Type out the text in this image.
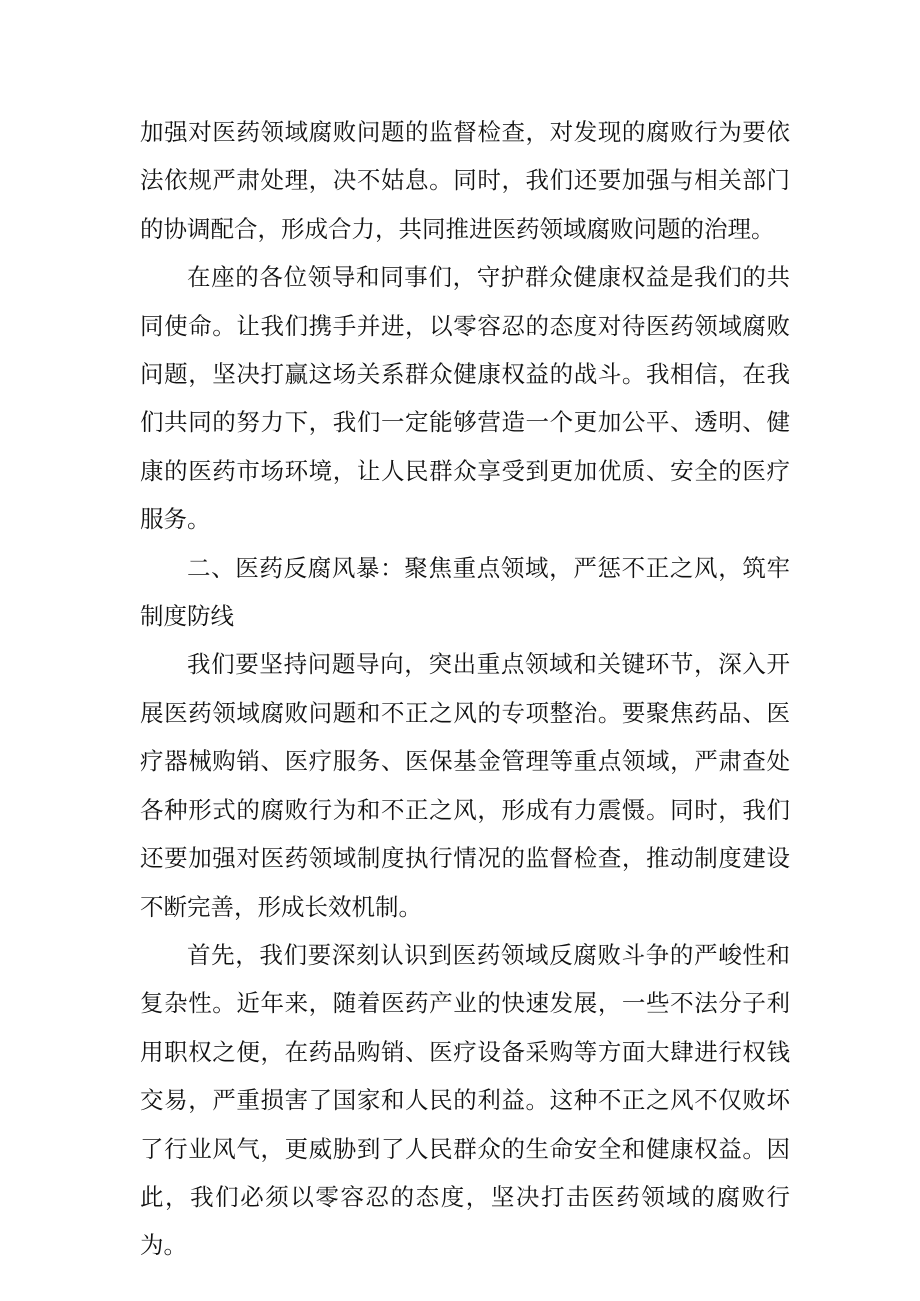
加强对医药领域腐败问题的监督检查，对发现的腐败行为要依法依规严肃处理，决不姑息。同时，我们还要加强与相关部门的协调配合，形成合力，共同推进医药领域腐败问题的治理。

在座的各位领导和同事们，守护群众健康权益是我们的共同使命。让我们携手并进，以零容忍的态度对待医药领域腐败问题，坚决打赢这场关系群众健康权益的战斗。我相信，在我们共同的努力下，我们一定能够营造一个更加公平、透明、健康的医药市场环境，让人民群众享受到更加优质、安全的医疗服务。

二、医药反腐风暴：聚焦重点领域，严惩不正之风，筑牢制度防线

我们要坚持问题导向，突出重点领域和关键环节，深入开展医药领域腐败问题和不正之风的专项整治。要聚焦药品、医疗器械购销、医疗服务、医保基金管理等重点领域，严肃查处各种形式的腐败行为和不正之风，形成有力震慑。同时，我们还要加强对医药领域制度执行情况的监督检查，推动制度建设不断完善，形成长效机制。

首先，我们要深刻认识到医药领域反腐败斗争的严峻性和复杂性。近年来，随着医药产业的快速发展，一些不法分子利用职权之便，在药品购销、医疗设备采购等方面大肆进行权钱交易，严重损害了国家和人民的利益。这种不正之风不仅败坏了行业风气，更威胁到了人民群众的生命安全和健康权益。因此，我们必须以零容忍的态度，坚决打击医药领域的腐败行为。
